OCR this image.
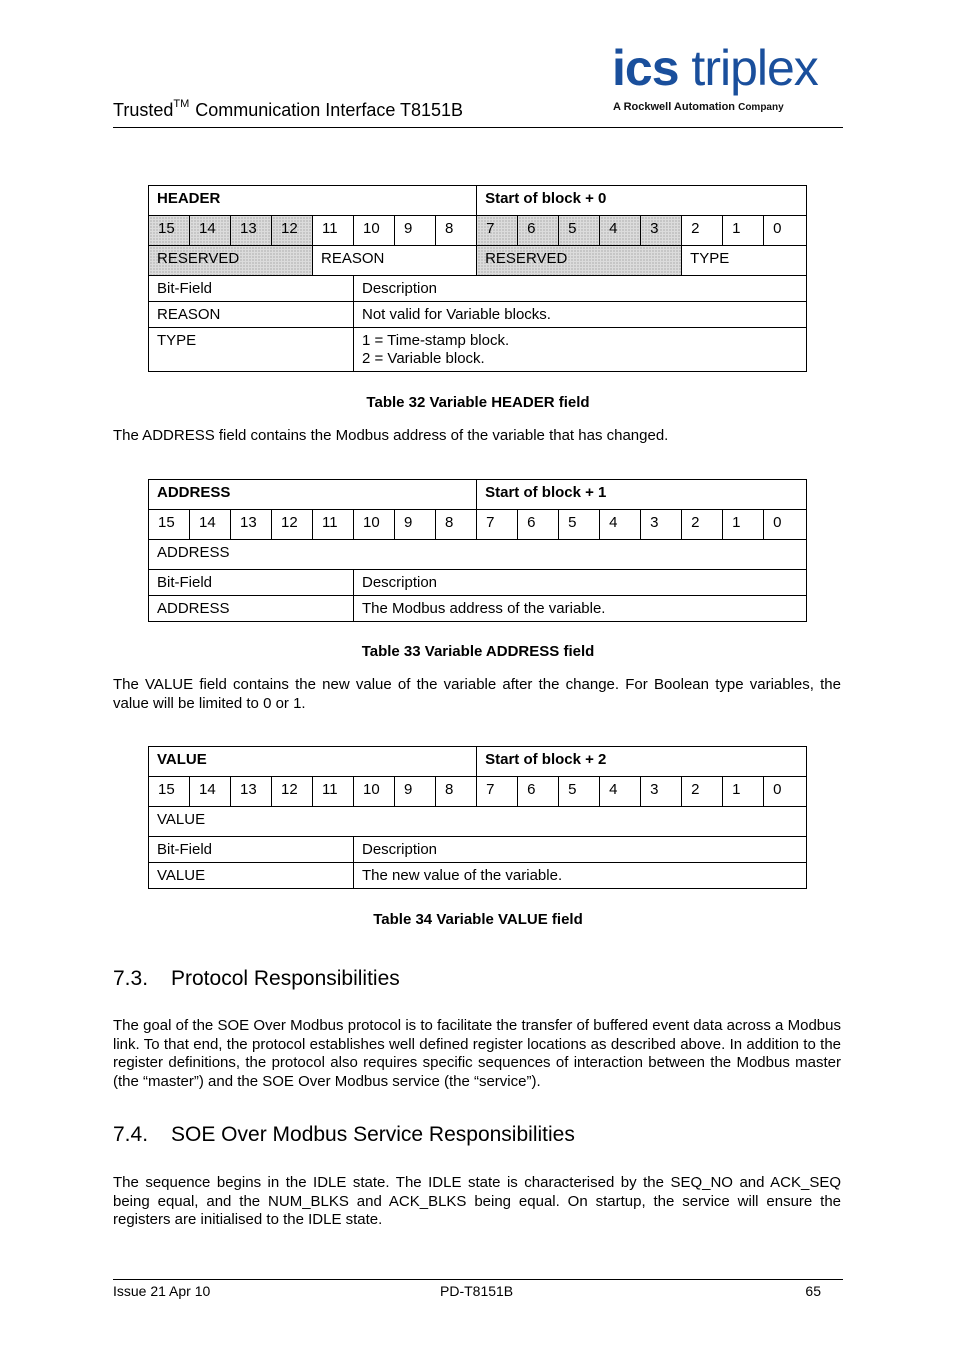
Trusted™ Communication Interface T8151B
ics triplex
A Rockwell Automation Company
HEADER								Start of block + 0							
15	14	13	12	11	10	9	8	7	6	5	4	3	2	1	0
RESERVED				REASON				RESERVED					TYPE		
Bit-Field					Description										
REASON					Not valid for Variable blocks.										
TYPE					1 = Time-stamp block.
2 = Variable block.										
Table 32 Variable HEADER field
The ADDRESS field contains the Modbus address of the variable that has changed.
ADDRESS								Start of block + 1							
15	14	13	12	11	10	9	8	7	6	5	4	3	2	1	0
ADDRESS															
Bit-Field					Description										
ADDRESS					The Modbus address of the variable.										
Table 33 Variable ADDRESS field
The VALUE field contains the new value of the variable after the change. For Boolean type variables, the value will be limited to 0 or 1.
VALUE								Start of block + 2							
15	14	13	12	11	10	9	8	7	6	5	4	3	2	1	0
VALUE															
Bit-Field					Description										
VALUE					The new value of the variable.										
Table 34 Variable VALUE field
7.3. Protocol Responsibilities
The goal of the SOE Over Modbus protocol is to facilitate the transfer of buffered event data across a Modbus link. To that end, the protocol establishes well defined register locations as described above. In addition to the register definitions, the protocol also requires specific sequences of interaction between the Modbus master (the “master”) and the SOE Over Modbus service (the “service”).
7.4. SOE Over Modbus Service Responsibilities
The sequence begins in the IDLE state. The IDLE state is characterised by the SEQ_NO and ACK_SEQ being equal, and the NUM_BLKS and ACK_BLKS being equal. On startup, the service will ensure the registers are initialised to the IDLE state.
Issue 21 Apr 10	PD-T8151B	65
